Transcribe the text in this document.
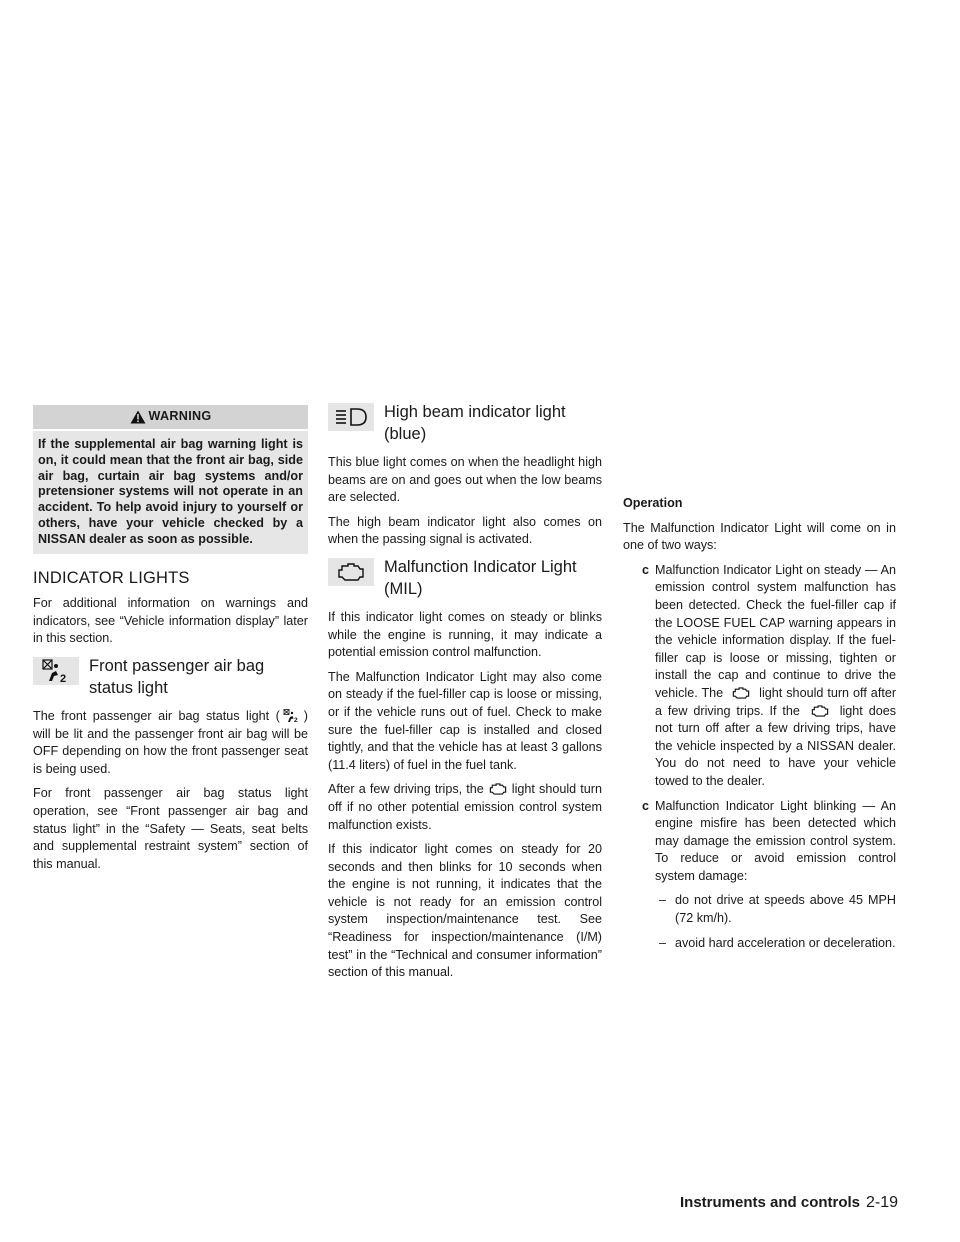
WARNING
If the supplemental air bag warning light is on, it could mean that the front air bag, side air bag, curtain air bag systems and/or pretensioner systems will not operate in an accident. To help avoid injury to yourself or others, have your vehicle checked by a NISSAN dealer as soon as possible.
INDICATOR LIGHTS

For additional information on warnings and indicators, see “Vehicle information display” later in this section.

2
Front passenger air bag status light

The front passenger air bag status light ( 2 ) will be lit and the passenger front air bag will be OFF depending on how the front passenger seat is being used.

For front passenger air bag status light operation, see “Front passenger air bag and status light” in the “Safety — Seats, seat belts and supplemental restraint system” section of this manual.

High beam indicator light (blue)

This blue light comes on when the headlight high beams are on and goes out when the low beams are selected.

The high beam indicator light also comes on when the passing signal is activated.

Malfunction Indicator Light (MIL)

If this indicator light comes on steady or blinks while the engine is running, it may indicate a potential emission control malfunction.

The Malfunction Indicator Light may also come on steady if the fuel-filler cap is loose or missing, or if the vehicle runs out of fuel. Check to make sure the fuel-filler cap is installed and closed tightly, and that the vehicle has at least 3 gallons (11.4 liters) of fuel in the fuel tank.

After a few driving trips, the light should turn off if no other potential emission control system malfunction exists.

If this indicator light comes on steady for 20 seconds and then blinks for 10 seconds when the engine is not running, it indicates that the vehicle is not ready for an emission control system inspection/maintenance test. See “Readiness for inspection/maintenance (I/M) test” in the “Technical and consumer information” section of this manual.

Operation

The Malfunction Indicator Light will come on in one of two ways:

c Malfunction Indicator Light on steady — An emission control system malfunction has been detected. Check the fuel-filler cap if the LOOSE FUEL CAP warning appears in the vehicle information display. If the fuel-filler cap is loose or missing, tighten or install the cap and continue to drive the vehicle. The	light should turn off after a few driving trips. If the	light does not turn off after a few driving trips, have the vehicle inspected by a NISSAN dealer. You do not need to have your vehicle towed to the dealer.
c Malfunction Indicator Light blinking — An engine misfire has been detected which may damage the emission control system. To reduce or avoid emission control system damage:
– do not drive at speeds above 45 MPH (72 km/h).
– avoid hard acceleration or deceleration.
Instruments and controls 2-19
